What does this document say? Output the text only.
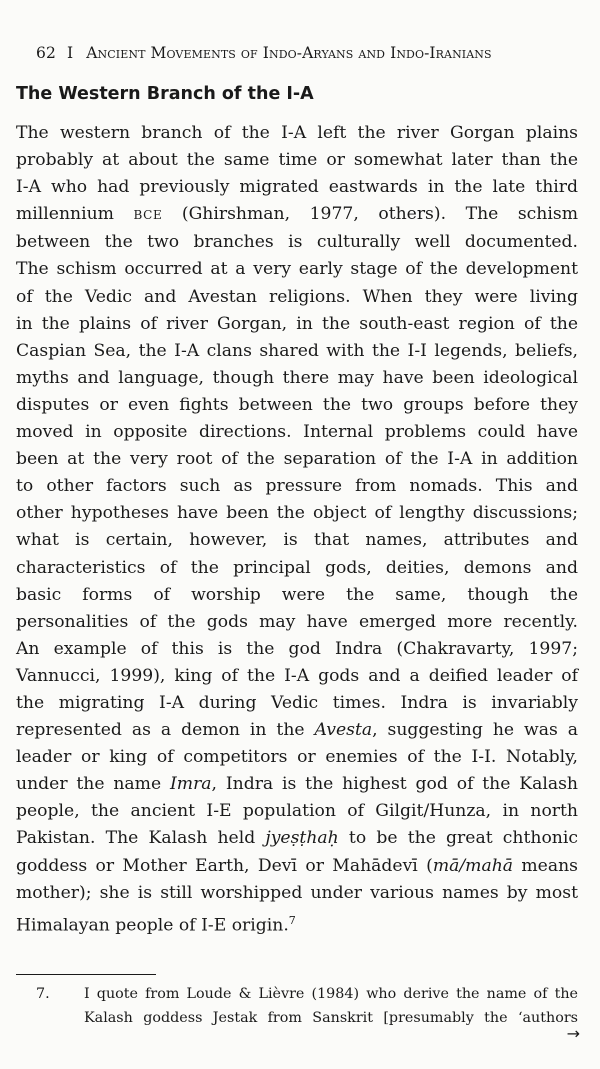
62 I Ancient Movements of Indo-Aryans and Indo-Iranians
The Western Branch of the I-A
The western branch of the I-A left the river Gorgan plains
probably at about the same time or somewhat later than the
I-A who had previously migrated eastwards in the late third
millennium BCE (Ghirshman, 1977, others). The schism
between the two branches is culturally well documented.
The schism occurred at a very early stage of the development
of the Vedic and Avestan religions. When they were living
in the plains of river Gorgan, in the south-east region of the
Caspian Sea, the I-A clans shared with the I-I legends, beliefs,
myths and language, though there may have been ideological
disputes or even fights between the two groups before they
moved in opposite directions. Internal problems could have
been at the very root of the separation of the I-A in addition
to other factors such as pressure from nomads. This and
other hypotheses have been the object of lengthy discussions;
what is certain, however, is that names, attributes and
characteristics of the principal gods, deities, demons and
basic forms of worship were the same, though the
personalities of the gods may have emerged more recently.
An example of this is the god Indra (Chakravarty, 1997;
Vannucci, 1999), king of the I-A gods and a deified leader of
the migrating I-A during Vedic times. Indra is invariably
represented as a demon in the Avesta, suggesting he was a
leader or king of competitors or enemies of the I-I. Notably,
under the name Imra, Indra is the highest god of the Kalash
people, the ancient I-E population of Gilgit/Hunza, in north
Pakistan. The Kalash held jyeṣṭhaḥ to be the great chthonic
goddess or Mother Earth, Devī or Mahādevī (mā/mahā means
mother); she is still worshipped under various names by most
Himalayan people of I-E origin.$^7$
7. I quote from Loude & Lièvre (1984) who derive the name of the
Kalash goddess Jestak from Sanskrit [presumably the ‘authors
→
